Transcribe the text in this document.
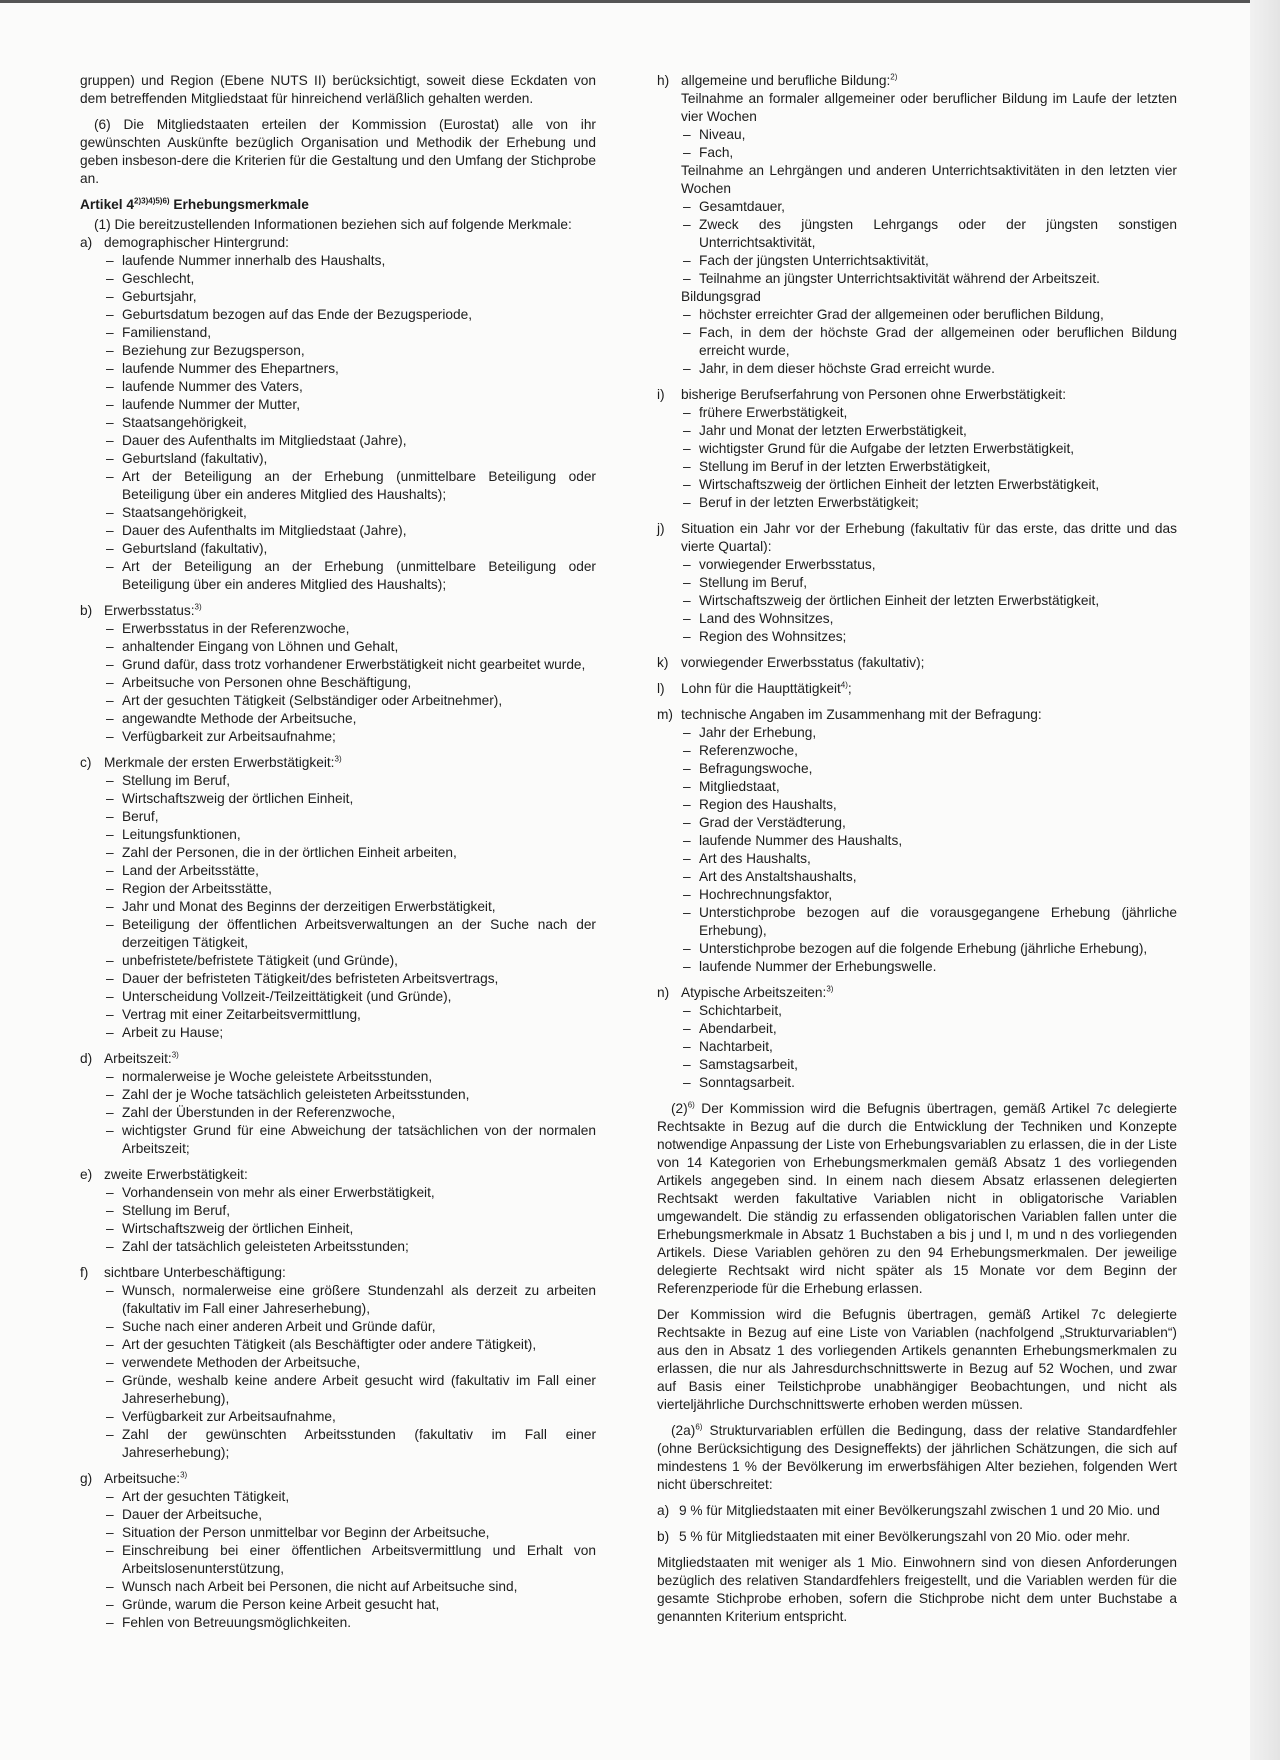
gruppen) und Region (Ebene NUTS II) berücksichtigt, soweit diese Eckdaten von dem betreffenden Mitgliedstaat für hinreichend verläßlich gehalten werden.

(6) Die Mitgliedstaaten erteilen der Kommission (Eurostat) alle von ihr gewünschten Auskünfte bezüglich Organisation und Methodik der Erhebung und geben insbeson-dere die Kriterien für die Gestaltung und den Umfang der Stichprobe an.

Artikel $4^{2)3)4)5)6)}$ Erhebungsmerkmale

(1) Die bereitzustellenden Informationen beziehen sich auf folgende Merkmale:

a) demographischer Hintergrund:
– laufende Nummer innerhalb des Haushalts,
– Geschlecht,
– Geburtsjahr,
– Geburtsdatum bezogen auf das Ende der Bezugsperiode,
– Familienstand,
– Beziehung zur Bezugsperson,
– laufende Nummer des Ehepartners,
– laufende Nummer des Vaters,
– laufende Nummer der Mutter,
– Staatsangehörigkeit,
– Dauer des Aufenthalts im Mitgliedstaat (Jahre),
– Geburtsland (fakultativ),
– Art der Beteiligung an der Erhebung (unmittelbare Beteiligung oder Beteiligung über ein anderes Mitglied des Haushalts);
– Staatsangehörigkeit,
– Dauer des Aufenthalts im Mitgliedstaat (Jahre),
– Geburtsland (fakultativ),
– Art der Beteiligung an der Erhebung (unmittelbare Beteiligung oder Beteiligung über ein anderes Mitglied des Haushalts);
b) Erwerbsstatus:$^{3)}$
– Erwerbsstatus in der Referenzwoche,
– anhaltender Eingang von Löhnen und Gehalt,
– Grund dafür, dass trotz vorhandener Erwerbstätigkeit nicht gearbeitet wurde,
– Arbeitsuche von Personen ohne Beschäftigung,
– Art der gesuchten Tätigkeit (Selbständiger oder Arbeitnehmer),
– angewandte Methode der Arbeitsuche,
– Verfügbarkeit zur Arbeitsaufnahme;
c) Merkmale der ersten Erwerbstätigkeit:$^{3)}$
– Stellung im Beruf,
– Wirtschaftszweig der örtlichen Einheit,
– Beruf,
– Leitungsfunktionen,
– Zahl der Personen, die in der örtlichen Einheit arbeiten,
– Land der Arbeitsstätte,
– Region der Arbeitsstätte,
– Jahr und Monat des Beginns der derzeitigen Erwerbstätigkeit,
– Beteiligung der öffentlichen Arbeitsverwaltungen an der Suche nach der derzeitigen Tätigkeit,
– unbefristete/befristete Tätigkeit (und Gründe),
– Dauer der befristeten Tätigkeit/des befristeten Arbeitsvertrags,
– Unterscheidung Vollzeit-/Teilzeittätigkeit (und Gründe),
– Vertrag mit einer Zeitarbeitsvermittlung,
– Arbeit zu Hause;
d) Arbeitszeit:$^{3)}$
– normalerweise je Woche geleistete Arbeitsstunden,
– Zahl der je Woche tatsächlich geleisteten Arbeitsstunden,
– Zahl der Überstunden in der Referenzwoche,
– wichtigster Grund für eine Abweichung der tatsächlichen von der normalen Arbeitszeit;
e) zweite Erwerbstätigkeit:
– Vorhandensein von mehr als einer Erwerbstätigkeit,
– Stellung im Beruf,
– Wirtschaftszweig der örtlichen Einheit,
– Zahl der tatsächlich geleisteten Arbeitsstunden;
f)	sichtbare Unterbeschäftigung:
– Wunsch, normalerweise eine größere Stundenzahl als derzeit zu arbeiten (fakultativ im Fall einer Jahreserhebung),
– Suche nach einer anderen Arbeit und Gründe dafür,
– Art der gesuchten Tätigkeit (als Beschäftigter oder andere Tätigkeit),
– verwendete Methoden der Arbeitsuche,
– Gründe, weshalb keine andere Arbeit gesucht wird (fakultativ im Fall einer Jahreserhebung),
– Verfügbarkeit zur Arbeitsaufnahme,
– Zahl der gewünschten Arbeitsstunden (fakultativ im Fall einer Jahreserhebung);
g) Arbeitsuche:$^{3)}$
– Art der gesuchten Tätigkeit,
– Dauer der Arbeitsuche,
– Situation der Person unmittelbar vor Beginn der Arbeitsuche,
– Einschreibung bei einer öffentlichen Arbeitsvermittlung und Erhalt von Arbeitslosenunterstützung,
– Wunsch nach Arbeit bei Personen, die nicht auf Arbeitsuche sind,
– Gründe, warum die Person keine Arbeit gesucht hat,
– Fehlen von Betreuungsmöglichkeiten.
h) allgemeine und berufliche Bildung:$^{2)}$
Teilnahme an formaler allgemeiner oder beruflicher Bildung im Laufe der letzten vier Wochen
– Niveau,
– Fach,
Teilnahme an Lehrgängen und anderen Unterrichtsaktivitäten in den letzten vier Wochen
– Gesamtdauer,
– Zweck des jüngsten Lehrgangs oder der jüngsten sonstigen Unterrichtsaktivität,
– Fach der jüngsten Unterrichtsaktivität,
– Teilnahme an jüngster Unterrichtsaktivität während der Arbeitszeit.
Bildungsgrad
– höchster erreichter Grad der allgemeinen oder beruflichen Bildung,
– Fach, in dem der höchste Grad der allgemeinen oder beruflichen Bildung erreicht wurde,
– Jahr, in dem dieser höchste Grad erreicht wurde.
i)	bisherige Berufserfahrung von Personen ohne Erwerbstätigkeit:
– frühere Erwerbstätigkeit,
– Jahr und Monat der letzten Erwerbstätigkeit,
– wichtigster Grund für die Aufgabe der letzten Erwerbstätigkeit,
– Stellung im Beruf in der letzten Erwerbstätigkeit,
– Wirtschaftszweig der örtlichen Einheit der letzten Erwerbstätigkeit,
– Beruf in der letzten Erwerbstätigkeit;
j)	Situation ein Jahr vor der Erhebung (fakultativ für das erste, das dritte und das vierte Quartal):
– vorwiegender Erwerbsstatus,
– Stellung im Beruf,
– Wirtschaftszweig der örtlichen Einheit der letzten Erwerbstätigkeit,
– Land des Wohnsitzes,
– Region des Wohnsitzes;
k) vorwiegender Erwerbsstatus (fakultativ);
l)	Lohn für die Haupttätigkeit$^{4)}$;
m) technische Angaben im Zusammenhang mit der Befragung:
– Jahr der Erhebung,
– Referenzwoche,
– Befragungswoche,
– Mitgliedstaat,
– Region des Haushalts,
– Grad der Verstädterung,
– laufende Nummer des Haushalts,
– Art des Haushalts,
– Art des Anstaltshaushalts,
– Hochrechnungsfaktor,
– Unterstichprobe bezogen auf die vorausgegangene Erhebung (jährliche Erhebung),
– Unterstichprobe bezogen auf die folgende Erhebung (jährliche Erhebung),
– laufende Nummer der Erhebungswelle.
n) Atypische Arbeitszeiten:$^{3)}$
– Schichtarbeit,
– Abendarbeit,
– Nachtarbeit,
– Samstagsarbeit,
– Sonntagsarbeit.

$(2)^{6)}$ Der Kommission wird die Befugnis übertragen, gemäß Artikel 7c delegierte Rechtsakte in Bezug auf die durch die Entwicklung der Techniken und Konzepte notwendige Anpassung der Liste von Erhebungsvariablen zu erlassen, die in der Liste von 14 Kategorien von Erhebungsmerkmalen gemäß Absatz 1 des vorliegenden Artikels angegeben sind. In einem nach diesem Absatz erlassenen delegierten Rechtsakt werden fakultative Variablen nicht in obligatorische Variablen umgewandelt. Die ständig zu erfassenden obligatorischen Variablen fallen unter die Erhebungsmerkmale in Absatz 1 Buchstaben a bis j und l, m und n des vorliegenden Artikels. Diese Variablen gehören zu den 94 Erhebungsmerkmalen. Der jeweilige delegierte Rechtsakt wird nicht später als 15 Monate vor dem Beginn der Referenzperiode für die Erhebung erlassen.

Der Kommission wird die Befugnis übertragen, gemäß Artikel 7c delegierte Rechtsakte in Bezug auf eine Liste von Variablen (nachfolgend „Strukturvariablen“) aus den in Absatz 1 des vorliegenden Artikels genannten Erhebungsmerkmalen zu erlassen, die nur als Jahresdurchschnittswerte in Bezug auf 52 Wochen, und zwar auf Basis einer Teilstichprobe unabhängiger Beobachtungen, und nicht als vierteljährliche Durchschnittswerte erhoben werden müssen.

$(2a)^{6)}$ Strukturvariablen erfüllen die Bedingung, dass der relative Standardfehler (ohne Berücksichtigung des Designeffekts) der jährlichen Schätzungen, die sich auf mindestens 1 % der Bevölkerung im erwerbsfähigen Alter beziehen, folgenden Wert nicht überschreitet:

a) 9 % für Mitgliedstaaten mit einer Bevölkerungszahl zwischen 1 und 20 Mio. und
b) 5 % für Mitgliedstaaten mit einer Bevölkerungszahl von 20 Mio. oder mehr.

Mitgliedstaaten mit weniger als 1 Mio. Einwohnern sind von diesen Anforderungen bezüglich des relativen Standardfehlers freigestellt, und die Variablen werden für die gesamte Stichprobe erhoben, sofern die Stichprobe nicht dem unter Buchstabe a genannten Kriterium entspricht.
